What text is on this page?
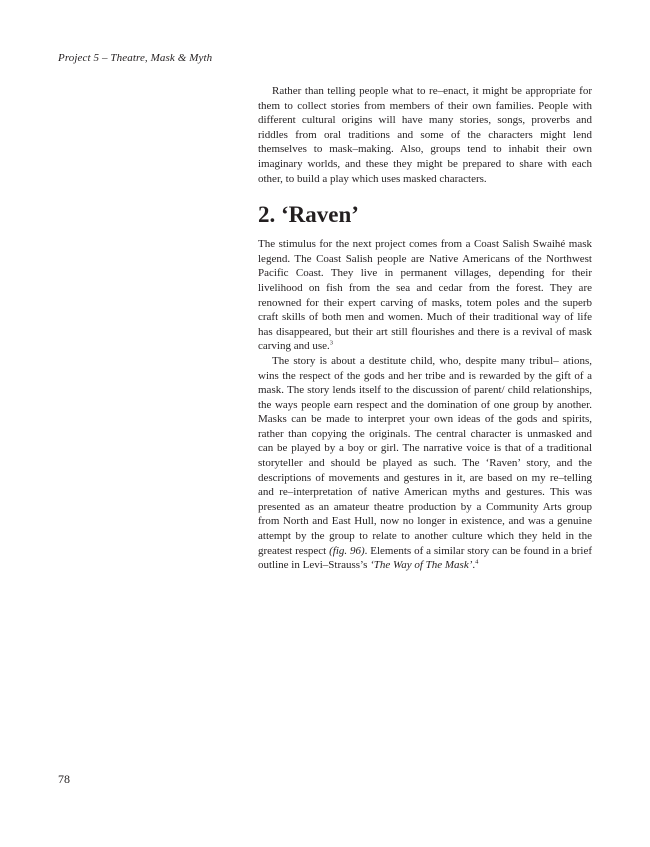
Project 5 – Theatre, Mask & Myth

Rather than telling people what to re–enact, it might be appropriate for them to collect stories from members of their own families. People with different cultural origins will have many stories, songs, proverbs and riddles from oral traditions and some of the characters might lend themselves to mask–making. Also, groups tend to inhabit their own imaginary worlds, and these they might be prepared to share with each other, to build a play which uses masked characters.

2. ‘Raven’

The stimulus for the next project comes from a Coast Salish Swaihé mask legend. The Coast Salish people are Native Americans of the Northwest Pacific Coast. They live in permanent villages, depending for their livelihood on fish from the sea and cedar from the forest. They are renowned for their expert carving of masks, totem poles and the superb craft skills of both men and women. Much of their traditional way of life has disappeared, but their art still flourishes and there is a revival of mask carving and use.$^3$

The story is about a destitute child, who, despite many tribul– ations, wins the respect of the gods and her tribe and is rewarded by the gift of a mask. The story lends itself to the discussion of parent/ child relationships, the ways people earn respect and the domination of one group by another. Masks can be made to interpret your own ideas of the gods and spirits, rather than copying the originals. The central character is unmasked and can be played by a boy or girl. The narrative voice is that of a traditional storyteller and should be played as such. The ‘Raven’ story, and the descriptions of movements and gestures in it, are based on my re–telling and re–interpretation of native American myths and gestures. This was presented as an amateur theatre production by a Community Arts group from North and East Hull, now no longer in existence, and was a genuine attempt by the group to relate to another culture which they held in the greatest respect (fig. 96). Elements of a similar story can be found in a brief outline in Levi–Strauss’s ‘The Way of The Mask’.$^4$

78
